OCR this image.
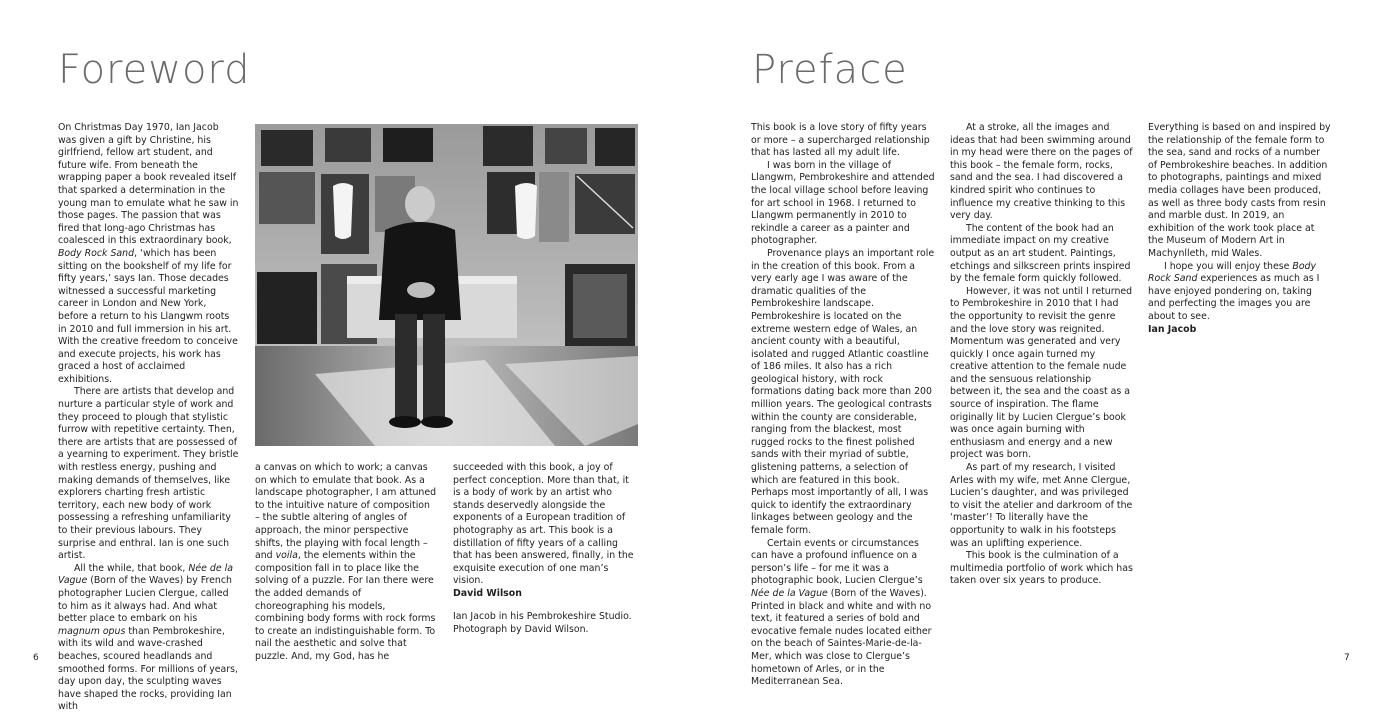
Foreword

On Christmas Day 1970, Ian Jacob was given a gift by Christine, his girlfriend, fellow art student, and future wife. From beneath the wrapping paper a book revealed itself that sparked a determination in the young man to emulate what he saw in those pages. The passion that was fired that long-ago Christmas has coalesced in this extraordinary book, Body Rock Sand, ‘which has been sitting on the bookshelf of my life for fifty years,’ says Ian. Those decades witnessed a successful marketing career in London and New York, before a return to his Llangwm roots in 2010 and full immersion in his art. With the creative freedom to conceive and execute projects, his work has graced a host of acclaimed exhibitions.

There are artists that develop and nurture a particular style of work and they proceed to plough that stylistic furrow with repetitive certainty. Then, there are artists that are possessed of a yearning to experiment. They bristle with restless energy, pushing and making demands of themselves, like explorers charting fresh artistic territory, each new body of work possessing a refreshing unfamiliarity to their previous labours. They surprise and enthral. Ian is one such artist.

All the while, that book, Née de la Vague (Born of the Waves) by French photographer Lucien Clergue, called to him as it always had. And what better place to embark on his magnum opus than Pembrokeshire, with its wild and wave-crashed beaches, scoured headlands and smoothed forms. For millions of years, day upon day, the sculpting waves have shaped the rocks, providing Ian with

a canvas on which to work; a canvas on which to emulate that book. As a landscape photographer, I am attuned to the intuitive nature of composition – the subtle altering of angles of approach, the minor perspective shifts, the playing with focal length – and voila, the elements within the composition fall in to place like the solving of a puzzle. For Ian there were the added demands of choreographing his models, combining body forms with rock forms to create an indistinguishable form. To nail the aesthetic and solve that puzzle. And, my God, has he

succeeded with this book, a joy of perfect conception. More than that, it is a body of work by an artist who stands deservedly alongside the exponents of a European tradition of photography as art. This book is a distillation of fifty years of a calling that has been answered, finally, in the exquisite execution of one man’s vision.

David Wilson

Ian Jacob in his Pembrokeshire Studio.
Photograph by David Wilson.
6
Preface

This book is a love story of fifty years or more – a supercharged relationship that has lasted all my adult life.

I was born in the village of Llangwm, Pembrokeshire and attended the local village school before leaving for art school in 1968. I returned to Llangwm permanently in 2010 to rekindle a career as a painter and photographer.

Provenance plays an important role in the creation of this book. From a very early age I was aware of the dramatic qualities of the Pembrokeshire landscape. Pembrokeshire is located on the extreme western edge of Wales, an ancient county with a beautiful, isolated and rugged Atlantic coastline of 186 miles. It also has a rich geological history, with rock formations dating back more than 200 million years. The geological contrasts within the county are considerable, ranging from the blackest, most rugged rocks to the finest polished sands with their myriad of subtle, glistening patterns, a selection of which are featured in this book. Perhaps most importantly of all, I was quick to identify the extraordinary linkages between geology and the female form.

Certain events or circumstances can have a profound influence on a person’s life – for me it was a photographic book, Lucien Clergue’s Née de la Vague (Born of the Waves). Printed in black and white and with no text, it featured a series of bold and evocative female nudes located either on the beach of Saintes-Marie-de-la-Mer, which was close to Clergue’s hometown of Arles, or in the Mediterranean Sea.

At a stroke, all the images and ideas that had been swimming around in my head were there on the pages of this book – the female form, rocks, sand and the sea. I had discovered a kindred spirit who continues to influence my creative thinking to this very day.

The content of the book had an immediate impact on my creative output as an art student. Paintings, etchings and silkscreen prints inspired by the female form quickly followed.

However, it was not until I returned to Pembrokeshire in 2010 that I had the opportunity to revisit the genre and the love story was reignited. Momentum was generated and very quickly I once again turned my creative attention to the female nude and the sensuous relationship between it, the sea and the coast as a source of inspiration. The flame originally lit by Lucien Clergue’s book was once again burning with enthusiasm and energy and a new project was born.

As part of my research, I visited Arles with my wife, met Anne Clergue, Lucien’s daughter, and was privileged to visit the atelier and darkroom of the ‘master’! To literally have the opportunity to walk in his footsteps was an uplifting experience.

This book is the culmination of a multimedia portfolio of work which has taken over six years to produce.

Everything is based on and inspired by the relationship of the female form to the sea, sand and rocks of a number of Pembrokeshire beaches. In addition to photographs, paintings and mixed media collages have been produced, as well as three body casts from resin and marble dust. In 2019, an exhibition of the work took place at the Museum of Modern Art in Machynlleth, mid Wales.

I hope you will enjoy these Body Rock Sand experiences as much as I have enjoyed pondering on, taking and perfecting the images you are about to see.

Ian Jacob

7
